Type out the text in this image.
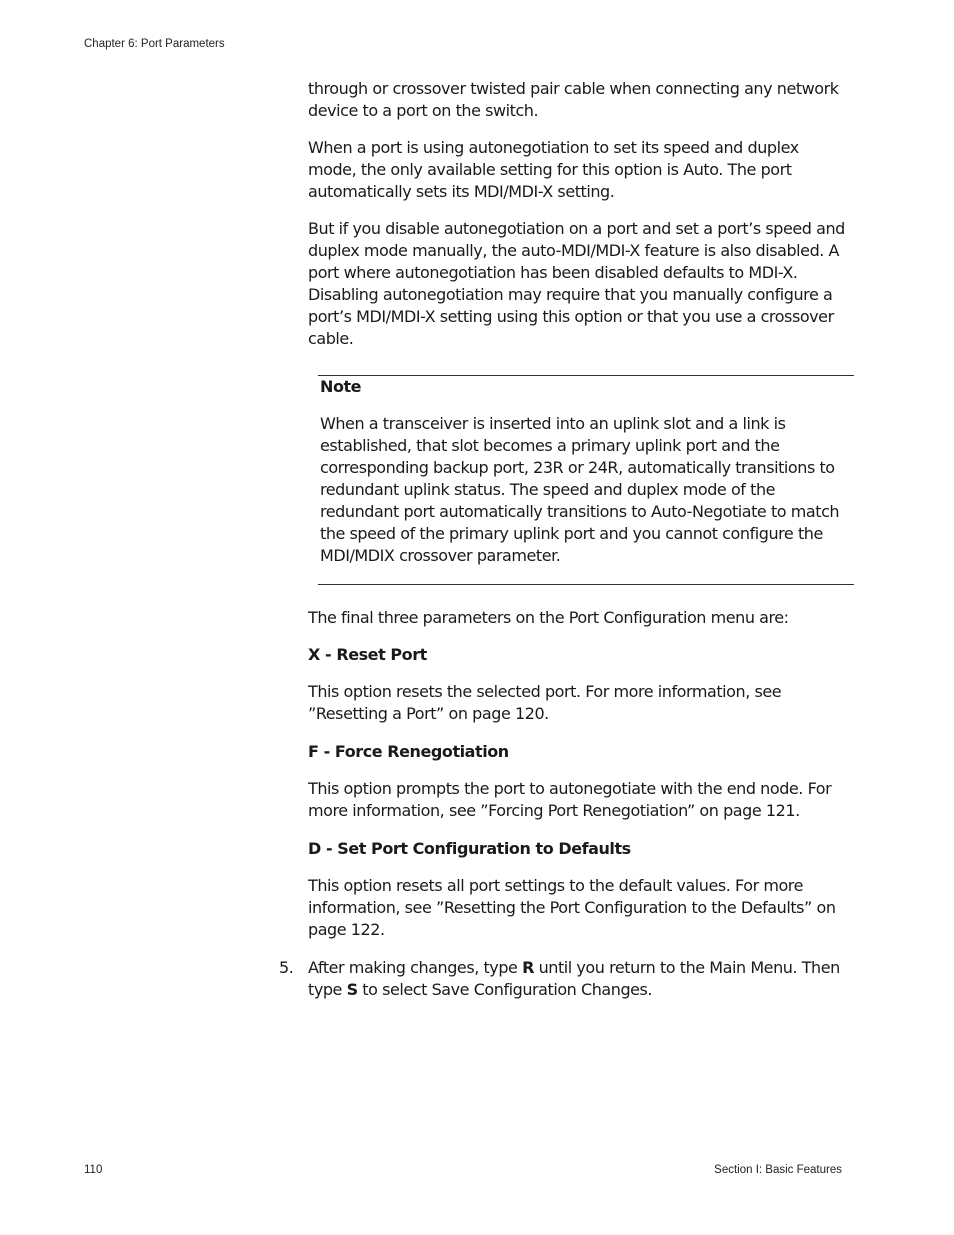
Chapter 6: Port Parameters

through or crossover twisted pair cable when connecting any network device to a port on the switch.

When a port is using autonegotiation to set its speed and duplex mode, the only available setting for this option is Auto. The port automatically sets its MDI/MDI-X setting.

But if you disable autonegotiation on a port and set a port’s speed and duplex mode manually, the auto-MDI/MDI-X feature is also disabled. A port where autonegotiation has been disabled defaults to MDI-X. Disabling autonegotiation may require that you manually configure a port’s MDI/MDI-X setting using this option or that you use a crossover cable.

Note

When a transceiver is inserted into an uplink slot and a link is established, that slot becomes a primary uplink port and the corresponding backup port, 23R or 24R, automatically transitions to redundant uplink status. The speed and duplex mode of the redundant port automatically transitions to Auto-Negotiate to match the speed of the primary uplink port and you cannot configure the MDI/MDIX crossover parameter.

The final three parameters on the Port Configuration menu are:

X - Reset Port

This option resets the selected port. For more information, see ”Resetting a Port” on page 120.

F - Force Renegotiation

This option prompts the port to autonegotiate with the end node. For more information, see ”Forcing Port Renegotiation” on page 121.

D - Set Port Configuration to Defaults

This option resets all port settings to the default values. For more information, see ”Resetting the Port Configuration to the Defaults” on page 122.

5. After making changes, type R until you return to the Main Menu. Then type S to select Save Configuration Changes.
110	Section I: Basic Features
